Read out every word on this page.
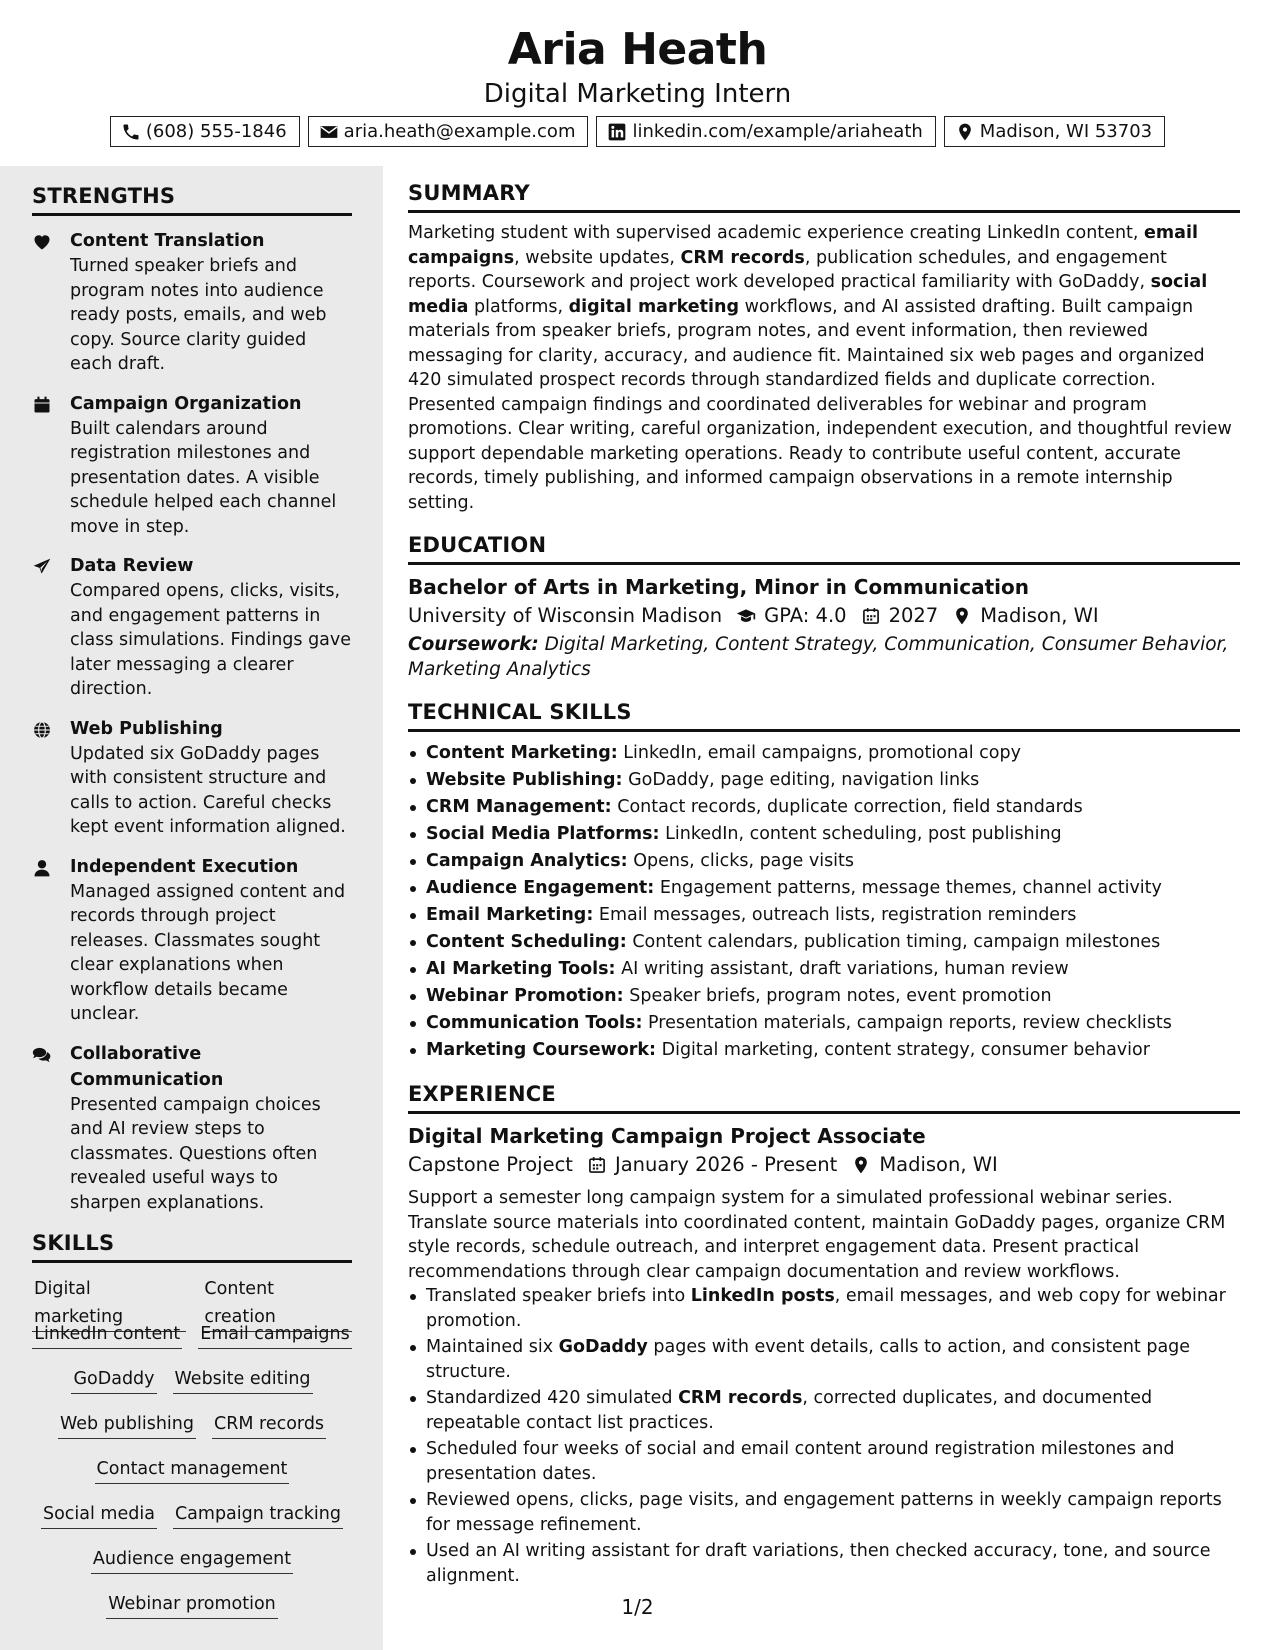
Aria Heath
Digital Marketing Intern
(608) 555-1846	aria.heath@example.com	linkedin.com/example/ariaheath	Madison, WI 53703
STRENGTHS
Content Translation
Turned speaker briefs and program notes into audience ready posts, emails, and web copy. Source clarity guided each draft.
Campaign Organization
Built calendars around registration milestones and presentation dates. A visible schedule helped each channel move in step.
Data Review
Compared opens, clicks, visits, and engagement patterns in class simulations. Findings gave later messaging a clearer direction.
Web Publishing
Updated six GoDaddy pages with consistent structure and calls to action. Careful checks kept event information aligned.
Independent Execution
Managed assigned content and records through project releases. Classmates sought clear explanations when workflow details became unclear.
Collaborative Communication
Presented campaign choices and AI review steps to classmates. Questions often revealed useful ways to sharpen explanations.
SKILLS
Digital marketing
Content creation
LinkedIn content Email campaigns
GoDaddy Website editing
Web publishing CRM records
Contact management
Social media Campaign tracking
Audience engagement
Webinar promotion
SUMMARY
Marketing student with supervised academic experience creating LinkedIn content, email campaigns, website updates, CRM records, publication schedules, and engagement reports. Coursework and project work developed practical familiarity with GoDaddy, social media platforms, digital marketing workflows, and AI assisted drafting. Built campaign materials from speaker briefs, program notes, and event information, then reviewed messaging for clarity, accuracy, and audience fit. Maintained six web pages and organized 420 simulated prospect records through standardized fields and duplicate correction. Presented campaign findings and coordinated deliverables for webinar and program promotions. Clear writing, careful organization, independent execution, and thoughtful review support dependable marketing operations. Ready to contribute useful content, accurate records, timely publishing, and informed campaign observations in a remote internship setting.
EDUCATION
Bachelor of Arts in Marketing, Minor in Communication
University of Wisconsin Madison GPA: 4.0 2027 Madison, WI
Coursework: Digital Marketing, Content Strategy, Communication, Consumer Behavior, Marketing Analytics
TECHNICAL SKILLS
Content Marketing: LinkedIn, email campaigns, promotional copy
Website Publishing: GoDaddy, page editing, navigation links
CRM Management: Contact records, duplicate correction, field standards
Social Media Platforms: LinkedIn, content scheduling, post publishing
Campaign Analytics: Opens, clicks, page visits
Audience Engagement: Engagement patterns, message themes, channel activity
Email Marketing: Email messages, outreach lists, registration reminders
Content Scheduling: Content calendars, publication timing, campaign milestones
AI Marketing Tools: AI writing assistant, draft variations, human review
Webinar Promotion: Speaker briefs, program notes, event promotion
Communication Tools: Presentation materials, campaign reports, review checklists
Marketing Coursework: Digital marketing, content strategy, consumer behavior
EXPERIENCE
Digital Marketing Campaign Project Associate
Capstone Project January 2026 - Present Madison, WI
Support a semester long campaign system for a simulated professional webinar series. Translate source materials into coordinated content, maintain GoDaddy pages, organize CRM style records, schedule outreach, and interpret engagement data. Present practical recommendations through clear campaign documentation and review workflows.
Translated speaker briefs into LinkedIn posts, email messages, and web copy for webinar promotion.
Maintained six GoDaddy pages with event details, calls to action, and consistent page structure.
Standardized 420 simulated CRM records, corrected duplicates, and documented repeatable contact list practices.
Scheduled four weeks of social and email content around registration milestones and presentation dates.
Reviewed opens, clicks, page visits, and engagement patterns in weekly campaign reports for message refinement.
Used an AI writing assistant for draft variations, then checked accuracy, tone, and source alignment.
1/2
